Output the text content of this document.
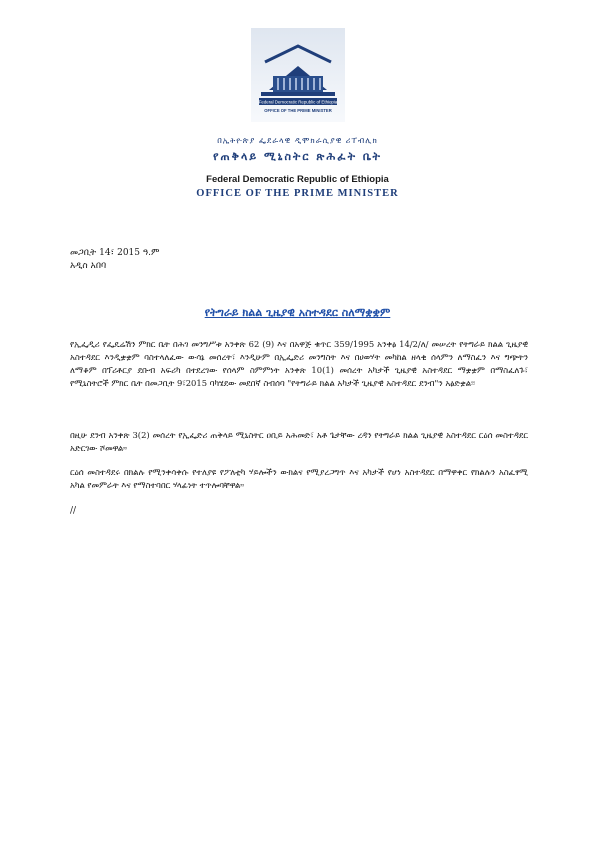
Federal Democratic Republic of Ethiopia
OFFICE OF THE PRIME MINISTER
በኢትዮጵያ ፌደራላዊ ዲሞክራሲያዊ ሪፐብሊክ
የጠቅላይ ሚኒስትር ጽሕፈት ቤት
Federal Democratic Republic of Ethiopia
OFFICE OF THE PRIME MINISTER
መጋቢት 14፣ 2015 ዓ.ም
አዲስ አበባ
የትግራይ ክልል ጊዜያዊ አስተዳደር ስለማቋቋም

የኢፌዲሪ የፌዴሬሽን ምክር ቤት በሕገ መንግሥቱ አንቀጽ 62 (9) እና በአዋጅ ቁጥር 359/1995 አንቀፅ 14/2/ለ/ መሠረት የትግራይ ክልል ጊዜያዊ አስተዳደር እንዲቋቋም ባስተላለፈው ውሳኔ መሰረት፣ እንዲሁም በኢፌድሪ መንግስት እና በሀወሃት መካከል ዘላቂ ሰላምን ለማስፈን እና ግጭትን ለማቆም በፕሪቶርያ ደቡብ አፍሪካ በተደረገው የሰላም ስምምነት አንቀጽ 10(1) መሰረት አካታች ጊዜያዊ አስተዳደር ማቋቋም በማስፈለጉ፣ የሚኒስትሮች ምክር ቤት በመጋቢት 9፣2015 ባካሄደው መደበኛ ስብሰባ "የትግራይ ክልል አካታች ጊዜያዊ አስተዳደር ደንብ"ን አፅድቋል፡፡

በዚሁ ደንብ አንቀጽ 3(2) መሰረት የኢፌድሪ ጠቅላይ ሚኒስትር ዐቢይ አሕመድ፣ አቶ ጌታቸው ረዳን የትግራይ ክልል ጊዜያዊ አስተዳደር ርዕሰ መስተዳደር አድርገው ሾመዋል።

ርዕሰ መስተዳደሩ በክልሉ የሚንቀሳቀሱ የተለያዩ የፖለቲካ ሃይሎችን ውክልና የሚያረጋግጥ እና አካታች የሆነ አስተዳደር በማዋቀር የክልሉን አስፈፃሚ አካል የመምራት እና የማስተባበር ሃላፊነት ተጥሎባቸዋል።

//
